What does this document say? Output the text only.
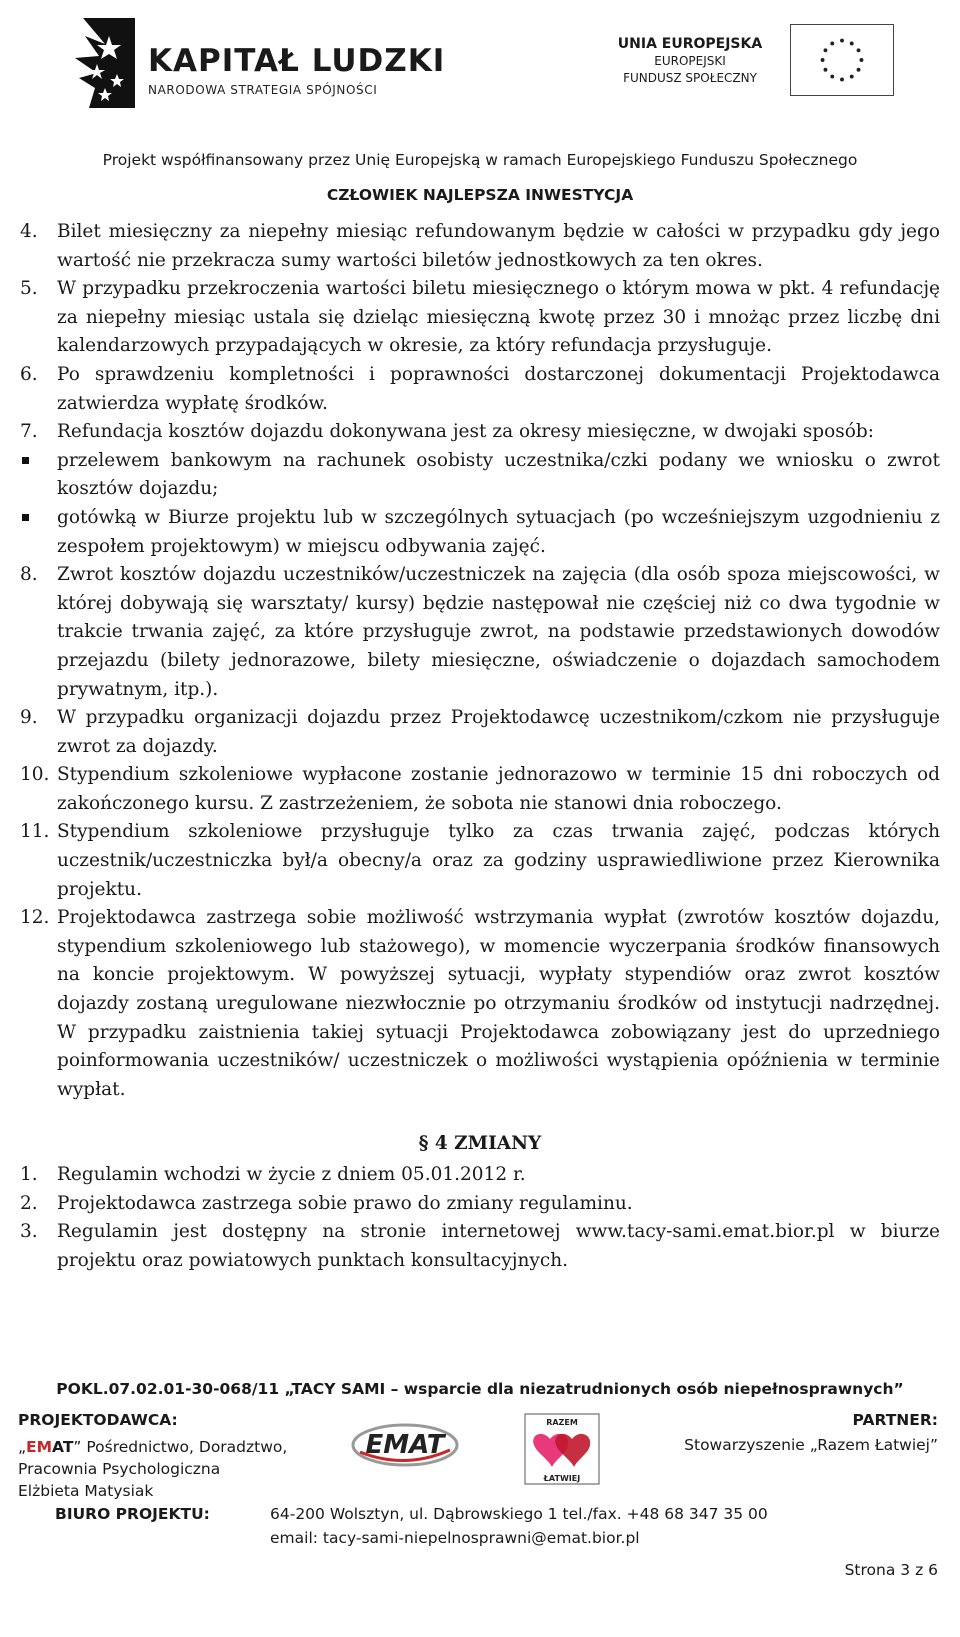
KAPITAŁ LUDZKI
NARODOWA STRATEGIA SPÓJNOŚCI
UNIA EUROPEJSKA
EUROPEJSKI
FUNDUSZ SPOŁECZNY
Projekt współfinansowany przez Unię Europejską w ramach Europejskiego Funduszu Społecznego
CZŁOWIEK NAJLEPSZA INWESTYCJA
4. Bilet miesięczny za niepełny miesiąc refundowanym będzie w całości w przypadku gdy jego wartość nie przekracza sumy wartości biletów jednostkowych za ten okres.
5. W przypadku przekroczenia wartości biletu miesięcznego o którym mowa w pkt. 4 refundację za niepełny miesiąc ustala się dzieląc miesięczną kwotę przez 30 i mnożąc przez liczbę dni kalendarzowych przypadających w okresie, za który refundacja przysługuje.
6. Po sprawdzeniu kompletności i poprawności dostarczonej dokumentacji Projektodawca zatwierdza wypłatę środków.
7. Refundacja kosztów dojazdu dokonywana jest za okresy miesięczne, w dwojaki sposób:
przelewem bankowym na rachunek osobisty uczestnika/czki podany we wniosku o zwrot kosztów dojazdu;
gotówką w Biurze projektu lub w szczególnych sytuacjach (po wcześniejszym uzgodnieniu z zespołem projektowym) w miejscu odbywania zajęć.
8. Zwrot kosztów dojazdu uczestników/uczestniczek na zajęcia (dla osób spoza miejscowości, w której dobywają się warsztaty/ kursy) będzie następował nie częściej niż co dwa tygodnie w trakcie trwania zajęć, za które przysługuje zwrot, na podstawie przedstawionych dowodów przejazdu (bilety jednorazowe, bilety miesięczne, oświadczenie o dojazdach samochodem prywatnym, itp.).
9. W przypadku organizacji dojazdu przez Projektodawcę uczestnikom/czkom nie przysługuje zwrot za dojazdy.
10. Stypendium szkoleniowe wypłacone zostanie jednorazowo w terminie 15 dni roboczych od zakończonego kursu. Z zastrzeżeniem, że sobota nie stanowi dnia roboczego.
11. Stypendium szkoleniowe przysługuje tylko za czas trwania zajęć, podczas których uczestnik/uczestniczka był/a obecny/a oraz za godziny usprawiedliwione przez Kierownika projektu.
12. Projektodawca zastrzega sobie możliwość wstrzymania wypłat (zwrotów kosztów dojazdu, stypendium szkoleniowego lub stażowego), w momencie wyczerpania środków finansowych na koncie projektowym. W powyższej sytuacji, wypłaty stypendiów oraz zwrot kosztów dojazdy zostaną uregulowane niezwłocznie po otrzymaniu środków od instytucji nadrzędnej. W przypadku zaistnienia takiej sytuacji Projektodawca zobowiązany jest do uprzedniego poinformowania uczestników/ uczestniczek o możliwości wystąpienia opóźnienia w terminie wypłat.
§ 4 ZMIANY
1. Regulamin wchodzi w życie z dniem 05.01.2012 r.
2. Projektodawca zastrzega sobie prawo do zmiany regulaminu.
3. Regulamin jest dostępny na stronie internetowej www.tacy-sami.emat.bior.pl w biurze projektu oraz powiatowych punktach konsultacyjnych.
POKL.07.02.01-30-068/11 „TACY SAMI – wsparcie dla niezatrudnionych osób niepełnosprawnych”
PROJEKTODAWCA:
„EMAT” Pośrednictwo, Doradztwo,
Pracownia Psychologiczna
Elżbieta Matysiak
EMAT
RAZEM
ŁATWIEJ
PARTNER:
Stowarzyszenie „Razem Łatwiej”
BIURO PROJEKTU:	64-200 Wolsztyn, ul. Dąbrowskiego 1 tel./fax. +48 68 347 35 00
email: tacy-sami-niepelnosprawni@emat.bior.pl
Strona 3 z 6
